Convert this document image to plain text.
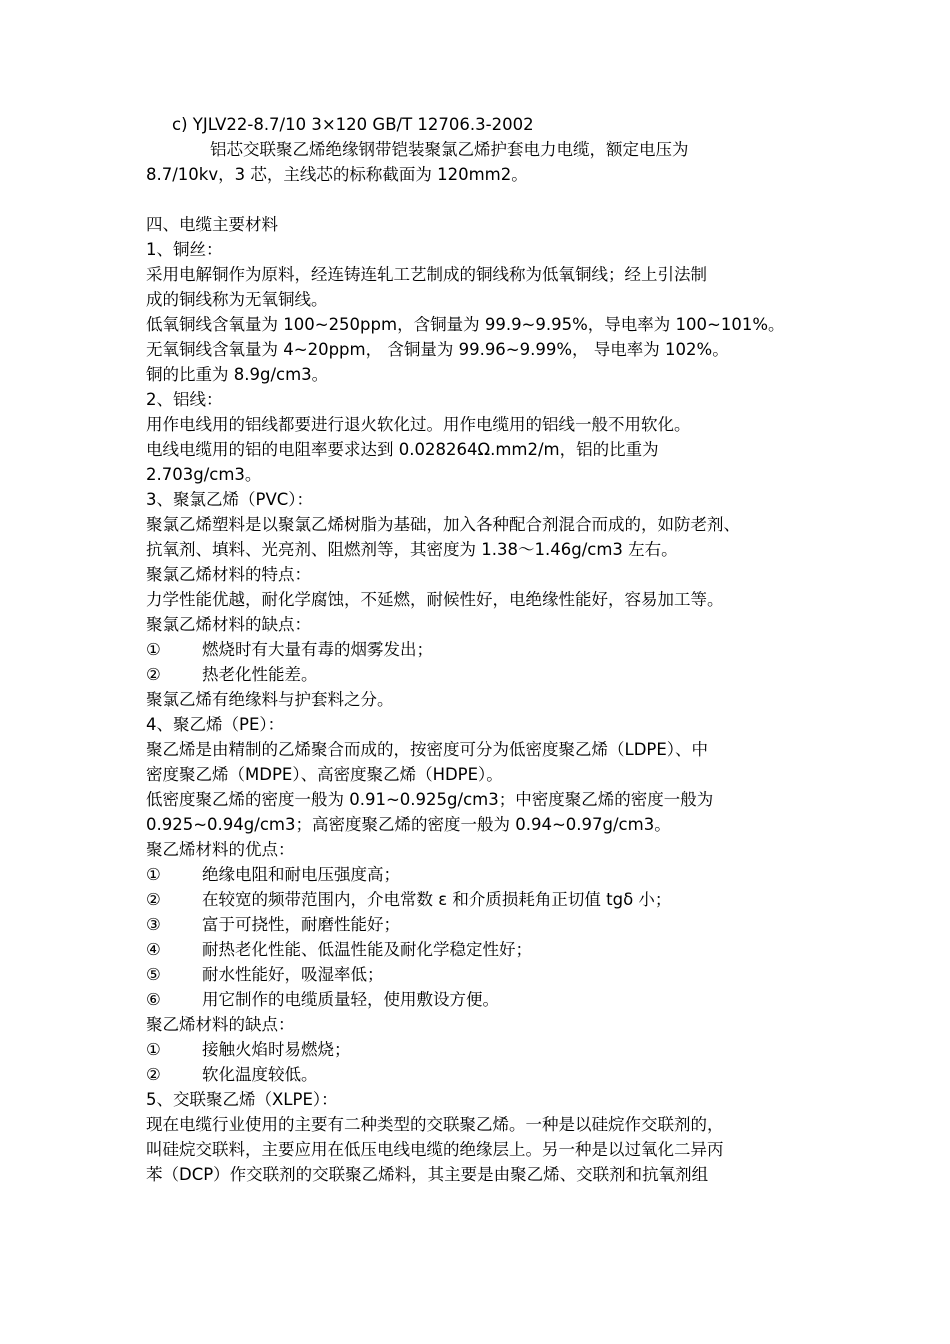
c) YJLV22-8.7/10 3×120 GB/T 12706.3-2002
铝芯交联聚乙烯绝缘钢带铠装聚氯乙烯护套电力电缆，额定电压为
8.7/10kv，3 芯，主线芯的标称截面为 120mm2。
四、电缆主要材料
1、铜丝：
采用电解铜作为原料，经连铸连轧工艺制成的铜线称为低氧铜线；经上引法制
成的铜线称为无氧铜线。
低氧铜线含氧量为 100~250ppm，含铜量为 99.9~9.95%，导电率为 100~101%。
无氧铜线含氧量为 4~20ppm， 含铜量为 99.96~9.99%， 导电率为 102%。
铜的比重为 8.9g/cm3。
2、铝线：
用作电线用的铝线都要进行退火软化过。用作电缆用的铝线一般不用软化。
电线电缆用的铝的电阻率要求达到 0.028264Ω.mm2/m，铝的比重为
2.703g/cm3。
3、聚氯乙烯（PVC）：
聚氯乙烯塑料是以聚氯乙烯树脂为基础，加入各种配合剂混合而成的，如防老剂、
抗氧剂、填料、光亮剂、阻燃剂等，其密度为 1.38～1.46g/cm3 左右。
聚氯乙烯材料的特点：
力学性能优越，耐化学腐蚀，不延燃，耐候性好，电绝缘性能好，容易加工等。
聚氯乙烯材料的缺点：
①	燃烧时有大量有毒的烟雾发出；
②	热老化性能差。
聚氯乙烯有绝缘料与护套料之分。
4、聚乙烯（PE）：
聚乙烯是由精制的乙烯聚合而成的，按密度可分为低密度聚乙烯（LDPE）、中
密度聚乙烯（MDPE）、高密度聚乙烯（HDPE）。
低密度聚乙烯的密度一般为 0.91~0.925g/cm3；中密度聚乙烯的密度一般为
0.925~0.94g/cm3；高密度聚乙烯的密度一般为 0.94~0.97g/cm3。
聚乙烯材料的优点：
①	绝缘电阻和耐电压强度高；
②	在较宽的频带范围内，介电常数 ε 和介质损耗角正切值 tgδ 小；
③	富于可挠性，耐磨性能好；
④	耐热老化性能、低温性能及耐化学稳定性好；
⑤	耐水性能好，吸湿率低；
⑥	用它制作的电缆质量轻，使用敷设方便。
聚乙烯材料的缺点：
①	接触火焰时易燃烧；
②	软化温度较低。
5、交联聚乙烯（XLPE）：
现在电缆行业使用的主要有二种类型的交联聚乙烯。一种是以硅烷作交联剂的，
叫硅烷交联料，主要应用在低压电线电缆的绝缘层上。另一种是以过氧化二异丙
苯（DCP）作交联剂的交联聚乙烯料，其主要是由聚乙烯、交联剂和抗氧剂组
